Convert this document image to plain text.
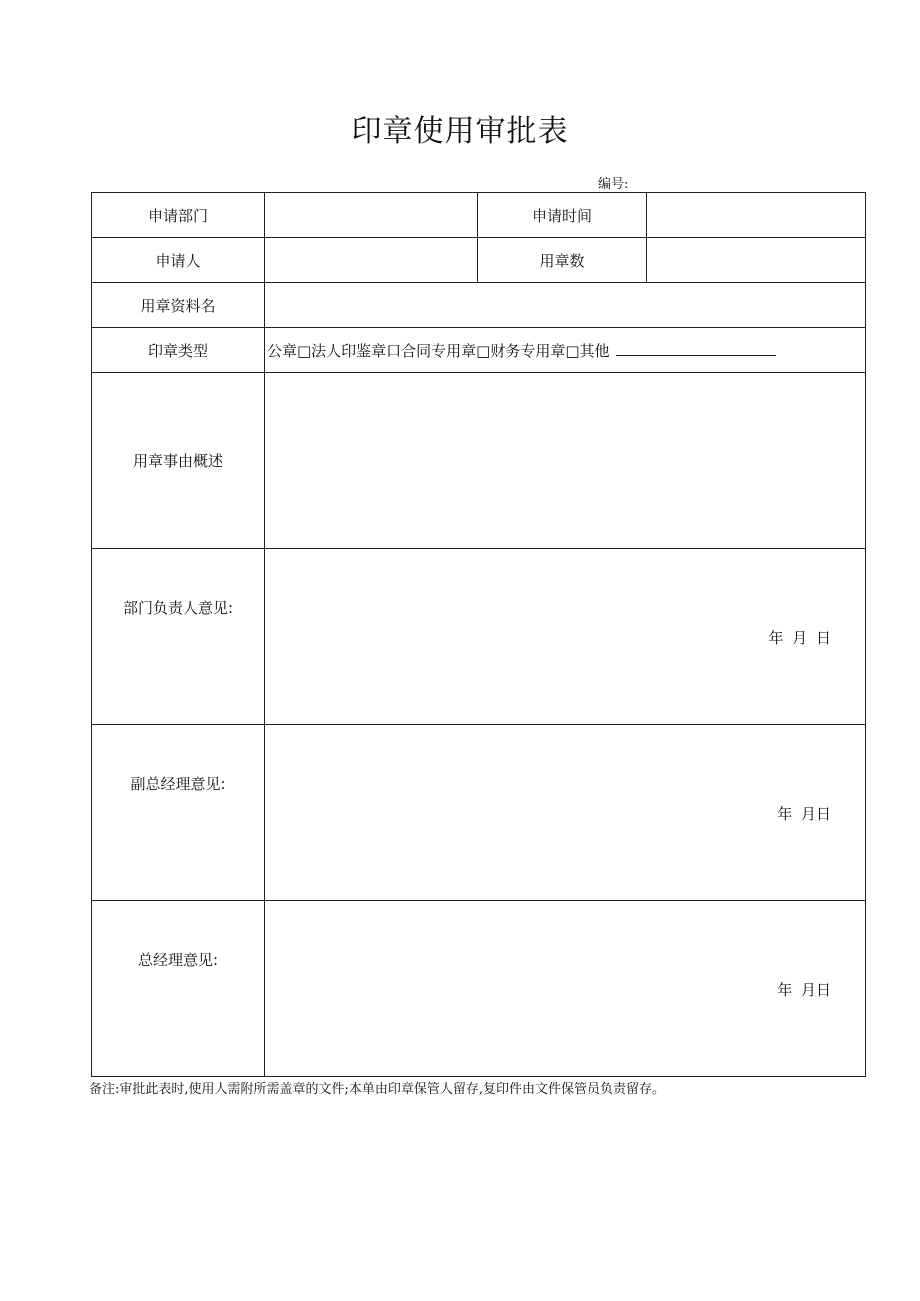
印章使用审批表
编号:
申请部门		申请时间	
申请人		用章数	
用章资料名			
印章类型	公章□法人印鉴章口合同专用章□财务专用章□其他		
用章事由概述			

部门负责人意见:	年 月 日		

副总经理意见:	年 月日		

总经理意见:	年 月日		
备注:审批此表时,使用人需附所需盖章的文件;本单由印章保管人留存,复印件由文件保管员负责留存。
